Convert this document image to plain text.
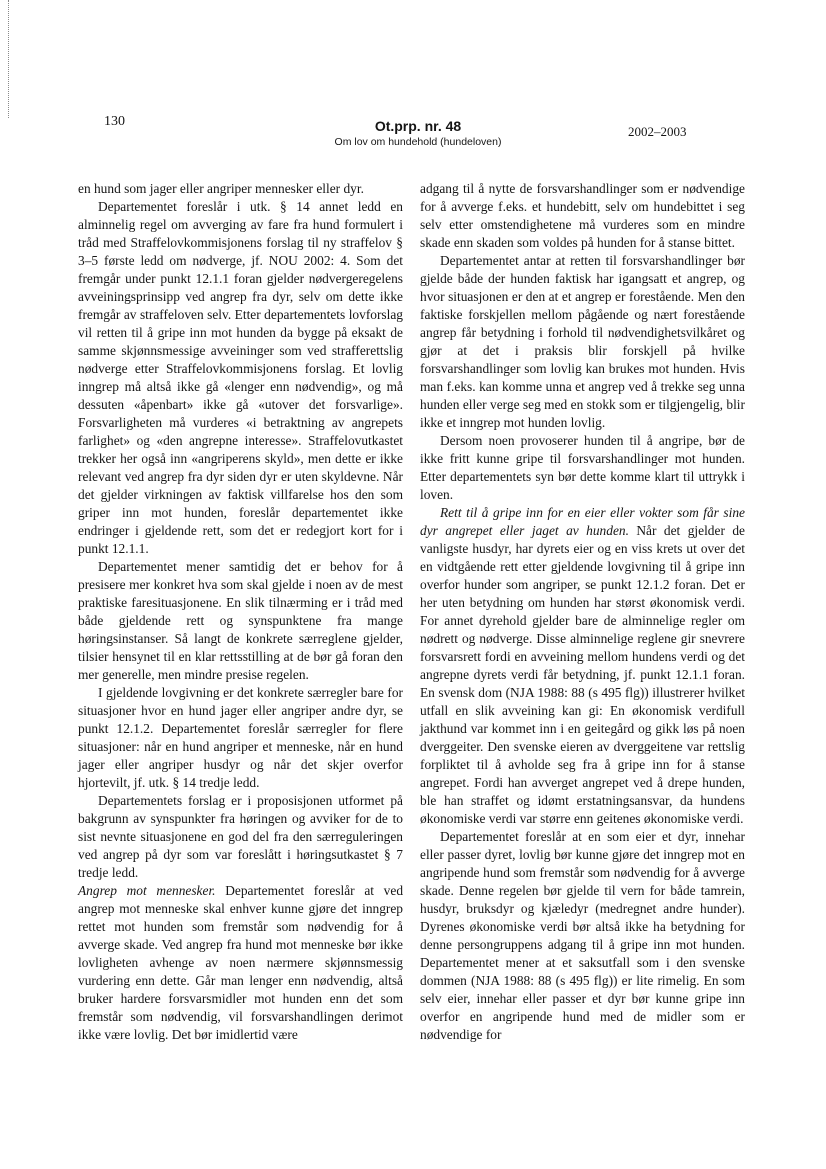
130	Ot.prp. nr. 48
Om lov om hundehold (hundeloven)
2002–2003

en hund som jager eller angriper mennesker eller dyr.

Departementet foreslår i utk. § 14 annet ledd en alminnelig regel om avverging av fare fra hund formulert i tråd med Straffelovkommisjonens forslag til ny straffelov § 3–5 første ledd om nødverge, jf. NOU 2002: 4. Som det fremgår under punkt 12.1.1 foran gjelder nødvergeregelens avveiningsprinsipp ved angrep fra dyr, selv om dette ikke fremgår av straffeloven selv. Etter departementets lovforslag vil retten til å gripe inn mot hunden da bygge på eksakt de samme skjønnsmessige avveininger som ved strafferettslig nødverge etter Straffelovkommisjonens forslag. Et lovlig inngrep må altså ikke gå «lenger enn nødvendig», og må dessuten «åpenbart» ikke gå «utover det forsvarlige». Forsvarligheten må vurderes «i betraktning av angrepets farlighet» og «den angrepne interesse». Straffelovutkastet trekker her også inn «angriperens skyld», men dette er ikke relevant ved angrep fra dyr siden dyr er uten skyldevne. Når det gjelder virkningen av faktisk villfarelse hos den som griper inn mot hunden, foreslår departementet ikke endringer i gjeldende rett, som det er redegjort kort for i punkt 12.1.1.

Departementet mener samtidig det er behov for å presisere mer konkret hva som skal gjelde i noen av de mest praktiske faresituasjonene. En slik tilnærming er i tråd med både gjeldende rett og synspunktene fra mange høringsinstanser. Så langt de konkrete særreglene gjelder, tilsier hensynet til en klar rettsstilling at de bør gå foran den mer generelle, men mindre presise regelen.

I gjeldende lovgivning er det konkrete særregler bare for situasjoner hvor en hund jager eller angriper andre dyr, se punkt 12.1.2. Departementet foreslår særregler for flere situasjoner: når en hund angriper et menneske, når en hund jager eller angriper husdyr og når det skjer overfor hjortevilt, jf. utk. § 14 tredje ledd.

Departementets forslag er i proposisjonen utformet på bakgrunn av synspunkter fra høringen og avviker for de to sist nevnte situasjonene en god del fra den særreguleringen ved angrep på dyr som var foreslått i høringsutkastet § 7 tredje ledd.

Angrep mot mennesker. Departementet foreslår at ved angrep mot menneske skal enhver kunne gjøre det inngrep rettet mot hunden som fremstår som nødvendig for å avverge skade. Ved angrep fra hund mot menneske bør ikke lovligheten avhenge av noen nærmere skjønnsmessig vurdering enn dette. Går man lenger enn nødvendig, altså bruker hardere forsvarsmidler mot hunden enn det som fremstår som nødvendig, vil forsvarshandlingen derimot ikke være lovlig. Det bør imidlertid være

adgang til å nytte de forsvarshandlinger som er nødvendige for å avverge f.eks. et hundebitt, selv om hundebittet i seg selv etter omstendighetene må vurderes som en mindre skade enn skaden som voldes på hunden for å stanse bittet.

Departementet antar at retten til forsvarshandlinger bør gjelde både der hunden faktisk har igangsatt et angrep, og hvor situasjonen er den at et angrep er forestående. Men den faktiske forskjellen mellom pågående og nært forestående angrep får betydning i forhold til nødvendighetsvilkåret og gjør at det i praksis blir forskjell på hvilke forsvarshandlinger som lovlig kan brukes mot hunden. Hvis man f.eks. kan komme unna et angrep ved å trekke seg unna hunden eller verge seg med en stokk som er tilgjengelig, blir ikke et inngrep mot hunden lovlig.

Dersom noen provoserer hunden til å angripe, bør de ikke fritt kunne gripe til forsvarshandlinger mot hunden. Etter departementets syn bør dette komme klart til uttrykk i loven.

Rett til å gripe inn for en eier eller vokter som får sine dyr angrepet eller jaget av hunden. Når det gjelder de vanligste husdyr, har dyrets eier og en viss krets ut over det en vidtgående rett etter gjeldende lovgivning til å gripe inn overfor hunder som angriper, se punkt 12.1.2 foran. Det er her uten betydning om hunden har størst økonomisk verdi. For annet dyrehold gjelder bare de alminnelige regler om nødrett og nødverge. Disse alminnelige reglene gir snevrere forsvarsrett fordi en avveining mellom hundens verdi og det angrepne dyrets verdi får betydning, jf. punkt 12.1.1 foran. En svensk dom (NJA 1988: 88 (s 495 flg)) illustrerer hvilket utfall en slik avveining kan gi: En økonomisk verdifull jakthund var kommet inn i en geitegård og gikk løs på noen dverggeiter. Den svenske eieren av dverggeitene var rettslig forpliktet til å avholde seg fra å gripe inn for å stanse angrepet. Fordi han avverget angrepet ved å drepe hunden, ble han straffet og idømt erstatningsansvar, da hundens økonomiske verdi var større enn geitenes økonomiske verdi.

Departementet foreslår at en som eier et dyr, innehar eller passer dyret, lovlig bør kunne gjøre det inngrep mot en angripende hund som fremstår som nødvendig for å avverge skade. Denne regelen bør gjelde til vern for både tamrein, husdyr, bruksdyr og kjæledyr (medregnet andre hunder). Dyrenes økonomiske verdi bør altså ikke ha betydning for denne persongruppens adgang til å gripe inn mot hunden. Departementet mener at et saksutfall som i den svenske dommen (NJA 1988: 88 (s 495 flg)) er lite rimelig. En som selv eier, innehar eller passer et dyr bør kunne gripe inn overfor en angripende hund med de midler som er nødvendige for
